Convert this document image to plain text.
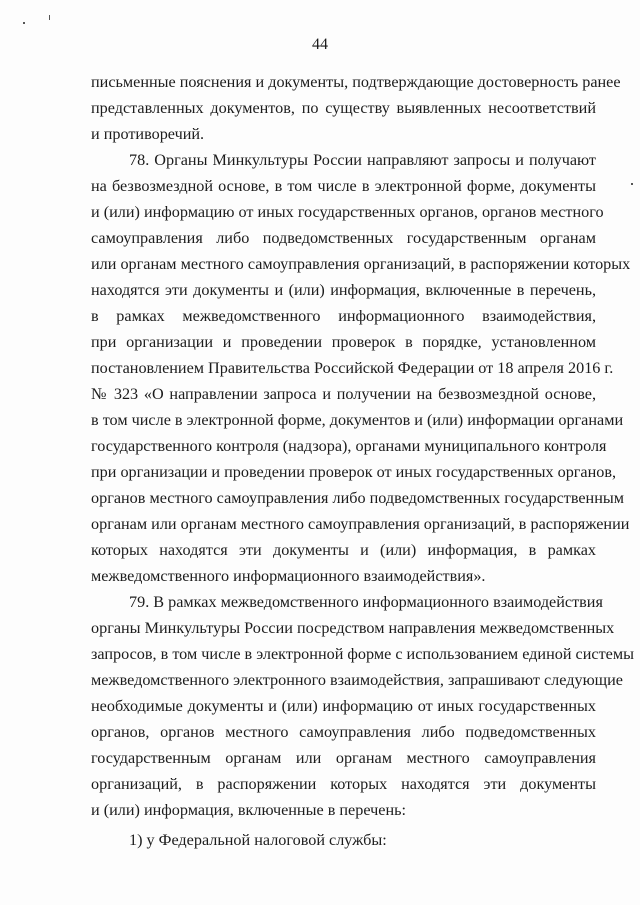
44
письменные пояснения и документы, подтверждающие достоверность ранее
представленных документов, по существу выявленных несоответствий
и противоречий.
78. Органы Минкультуры России направляют запросы и получают
на безвозмездной основе, в том числе в электронной форме, документы
и (или) информацию от иных государственных органов, органов местного
самоуправления либо подведомственных государственным органам
или органам местного самоуправления организаций, в распоряжении которых
находятся эти документы и (или) информация, включенные в перечень,
в рамках межведомственного информационного взаимодействия,
при организации и проведении проверок в порядке, установленном
постановлением Правительства Российской Федерации от 18 апреля 2016 г.
№ 323 «О направлении запроса и получении на безвозмездной основе,
в том числе в электронной форме, документов и (или) информации органами
государственного контроля (надзора), органами муниципального контроля
при организации и проведении проверок от иных государственных органов,
органов местного самоуправления либо подведомственных государственным
органам или органам местного самоуправления организаций, в распоряжении
которых находятся эти документы и (или) информация, в рамках
межведомственного информационного взаимодействия».
79. В рамках межведомственного информационного взаимодействия
органы Минкультуры России посредством направления межведомственных
запросов, в том числе в электронной форме с использованием единой системы
межведомственного электронного взаимодействия, запрашивают следующие
необходимые документы и (или) информацию от иных государственных
органов, органов местного самоуправления либо подведомственных
государственным органам или органам местного самоуправления
организаций, в распоряжении которых находятся эти документы
и (или) информация, включенные в перечень:
1) у Федеральной налоговой службы:
